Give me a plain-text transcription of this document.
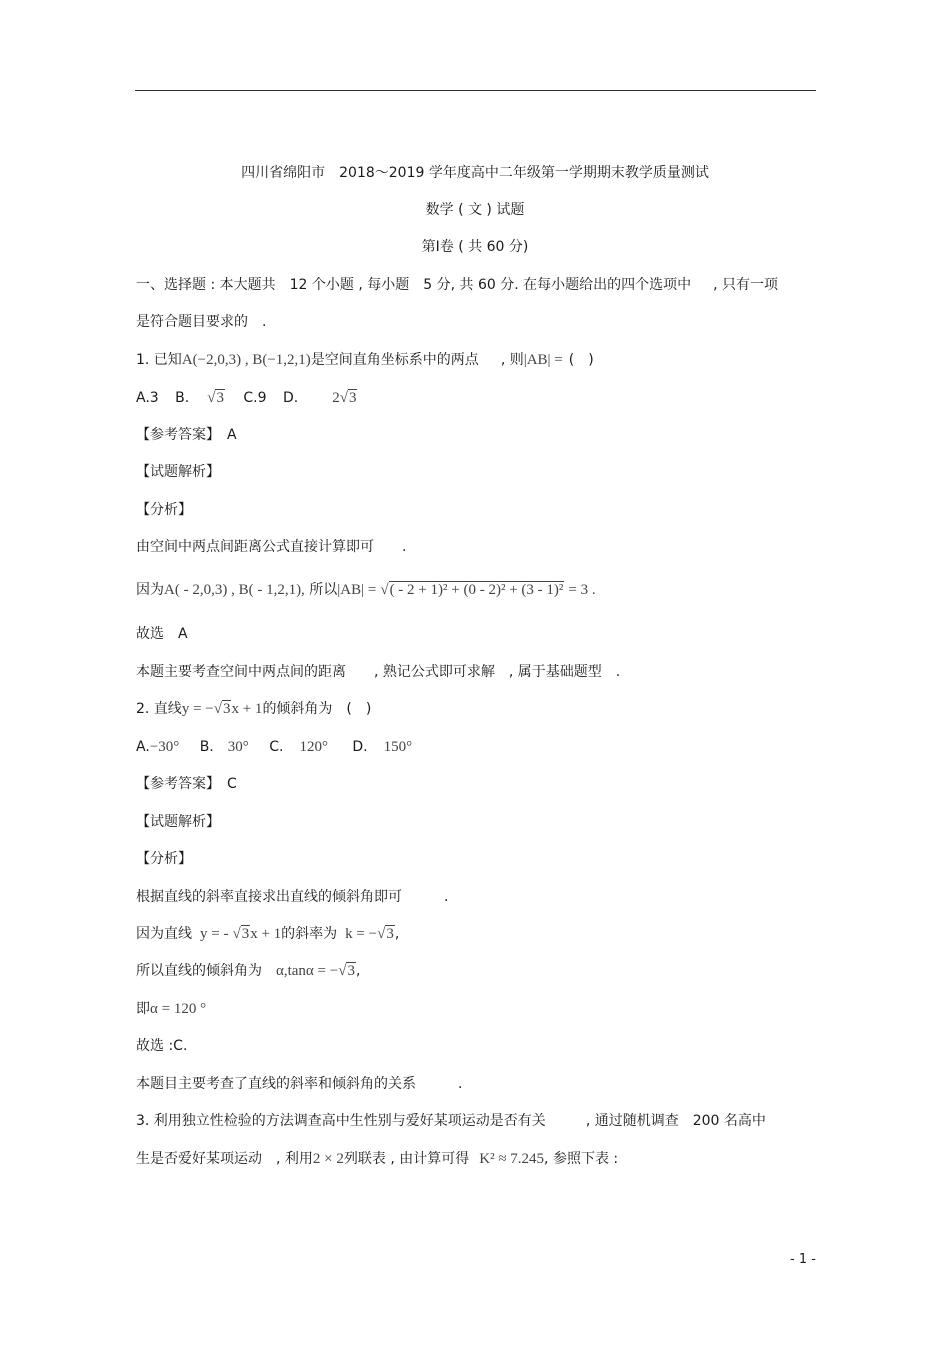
四川省绵阳市　2018～2019 学年度高中二年级第一学期期末教学质量测试
数学 ( 文 ) 试题
第Ⅰ卷 ( 共 60 分)
一、选择题 : 本大题共　12 个小题 , 每小题　5 分, 共 60 分. 在每小题给出的四个选项中 , 只有一项
是符合题目要求的　.
1. 已知A(−2,0,3) , B(−1,2,1)是空间直角坐标系中的两点 , 则|AB| = (　)
A.3 B. √3 C.9 D. 2√3
【参考答案】　A
【试题解析】
【分析】
由空间中两点间距离公式直接计算即可　　.
因为A( - 2,0,3) , B( - 1,2,1), 所以|AB| = √( - 2 + 1)² + (0 - 2)² + (3 - 1)² = 3 .
故选　A
本题主要考查空间中两点间的距离　　, 熟记公式即可求解　, 属于基础题型　.
2. 直线y = −√3x + 1的倾斜角为　(　)
A.−30° B. 30° C. 120° D. 150°
【参考答案】　C
【试题解析】
【分析】
根据直线的斜率直接求出直线的倾斜角即可　　　.
因为直线 y = - √3x + 1的斜率为 k = −√3,
所以直线的倾斜角为 α,tanα = −√3,
即α = 120 °
故选 :C.
本题目主要考查了直线的斜率和倾斜角的关系　　　.
3. 利用独立性检验的方法调查高中生性别与爱好某项运动是否有关	, 通过随机调查　200 名高中
生是否爱好某项运动　, 利用2 × 2列联表 , 由计算可得 K² ≈ 7.245, 参照下表 :

- 1 -
